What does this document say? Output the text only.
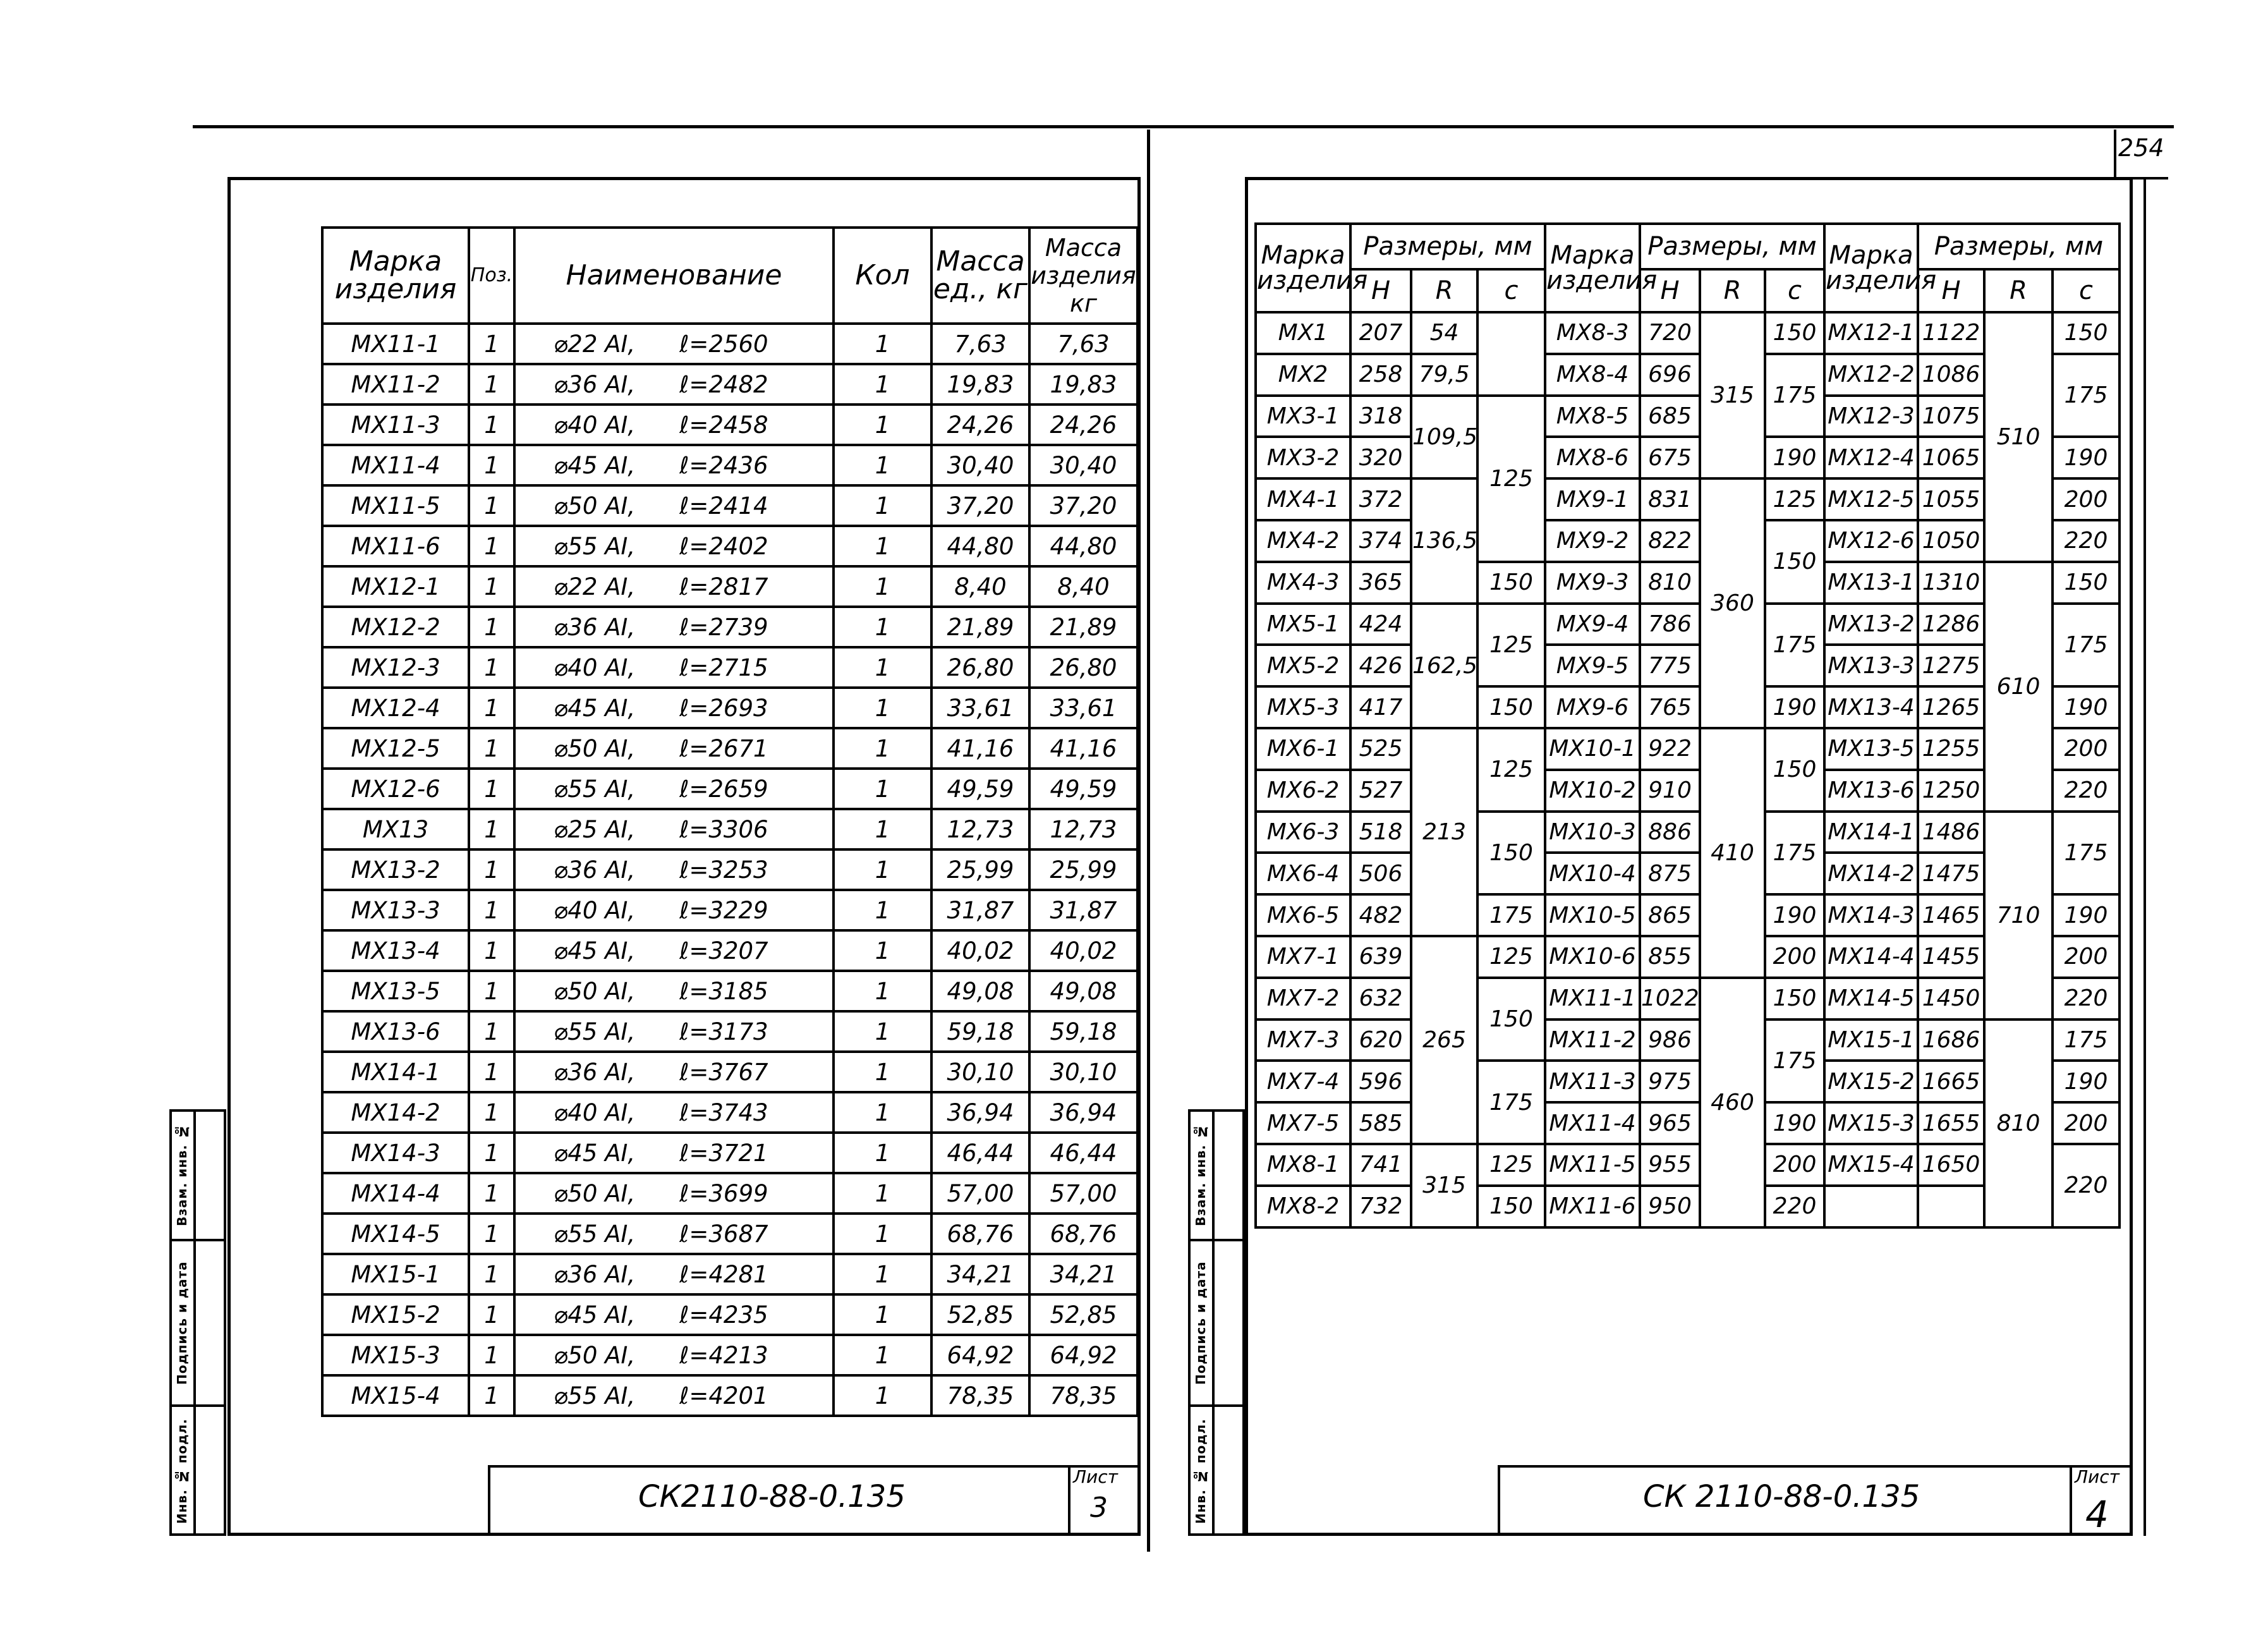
254
Марка изделия	Поз.	Наименование	Кол	Масса ед., кг	Масса изделия кг
МХ11-1	1	⌀22 АI, ℓ=2560	1	7,63	7,63
МХ11-2	1	⌀36 АI, ℓ=2482	1	19,83	19,83
МХ11-3	1	⌀40 АI, ℓ=2458	1	24,26	24,26
МХ11-4	1	⌀45 АI, ℓ=2436	1	30,40	30,40
МХ11-5	1	⌀50 АI, ℓ=2414	1	37,20	37,20
МХ11-6	1	⌀55 АI, ℓ=2402	1	44,80	44,80
МХ12-1	1	⌀22 АI, ℓ=2817	1	8,40	8,40
МХ12-2	1	⌀36 АI, ℓ=2739	1	21,89	21,89
МХ12-3	1	⌀40 АI, ℓ=2715	1	26,80	26,80
МХ12-4	1	⌀45 АI, ℓ=2693	1	33,61	33,61
МХ12-5	1	⌀50 АI, ℓ=2671	1	41,16	41,16
МХ12-6	1	⌀55 АI, ℓ=2659	1	49,59	49,59
МХ13	1	⌀25 АI, ℓ=3306	1	12,73	12,73
МХ13-2	1	⌀36 АI, ℓ=3253	1	25,99	25,99
МХ13-3	1	⌀40 АI, ℓ=3229	1	31,87	31,87
МХ13-4	1	⌀45 АI, ℓ=3207	1	40,02	40,02
МХ13-5	1	⌀50 АI, ℓ=3185	1	49,08	49,08
МХ13-6	1	⌀55 АI, ℓ=3173	1	59,18	59,18
МХ14-1	1	⌀36 АI, ℓ=3767	1	30,10	30,10
МХ14-2	1	⌀40 АI, ℓ=3743	1	36,94	36,94
МХ14-3	1	⌀45 АI, ℓ=3721	1	46,44	46,44
МХ14-4	1	⌀50 АI, ℓ=3699	1	57,00	57,00
МХ14-5	1	⌀55 АI, ℓ=3687	1	68,76	68,76
МХ15-1	1	⌀36 АI, ℓ=4281	1	34,21	34,21
МХ15-2	1	⌀45 АI, ℓ=4235	1	52,85	52,85
МХ15-3	1	⌀50 АI, ℓ=4213	1	64,92	64,92
МХ15-4	1	⌀55 АI, ℓ=4201	1	78,35	78,35
СК2110-88-0.135
Лист
3
Взам. инв. №
Подпись и дата
Инв. № подл.
Марка изделия	Размеры, мм			Марка изделия	Размеры, мм			Марка изделия	Размеры, мм		
	H	R	c		H	R	c		H	R	c
МХ1	207	54		МХ8-3	720	315	150	МХ12-1	1122	510	150
МХ2	258	79,5		МХ8-4	696		175	МХ12-2	1086		175
МХ3-1	318	109,5	125	МХ8-5	685			МХ12-3	1075		
МХ3-2	320			МХ8-6	675		190	МХ12-4	1065		190
МХ4-1	372	136,5		МХ9-1	831	360	125	МХ12-5	1055		200
МХ4-2	374			МХ9-2	822		150	МХ12-6	1050		220
МХ4-3	365		150	МХ9-3	810			МХ13-1	1310	610	150
МХ5-1	424	162,5	125	МХ9-4	786		175	МХ13-2	1286		175
МХ5-2	426			МХ9-5	775			МХ13-3	1275		
МХ5-3	417		150	МХ9-6	765		190	МХ13-4	1265		190
МХ6-1	525	213	125	МХ10-1	922	410	150	МХ13-5	1255		200
МХ6-2	527			МХ10-2	910			МХ13-6	1250		220
МХ6-3	518		150	МХ10-3	886		175	МХ14-1	1486	710	175
МХ6-4	506			МХ10-4	875			МХ14-2	1475		
МХ6-5	482		175	МХ10-5	865		190	МХ14-3	1465		190
МХ7-1	639	265	125	МХ10-6	855		200	МХ14-4	1455		200
МХ7-2	632		150	МХ11-1	1022	460	150	МХ14-5	1450		220
МХ7-3	620			МХ11-2	986		175	МХ15-1	1686	810	175
МХ7-4	596		175	МХ11-3	975			МХ15-2	1665		190
МХ7-5	585			МХ11-4	965		190	МХ15-3	1655		200
МХ8-1	741	315	125	МХ11-5	955		200	МХ15-4	1650		220
МХ8-2	732		150	МХ11-6	950		220				
СК 2110-88-0.135
Лист
4
Взам. инв. №
Подпись и дата
Инв. № подл.
